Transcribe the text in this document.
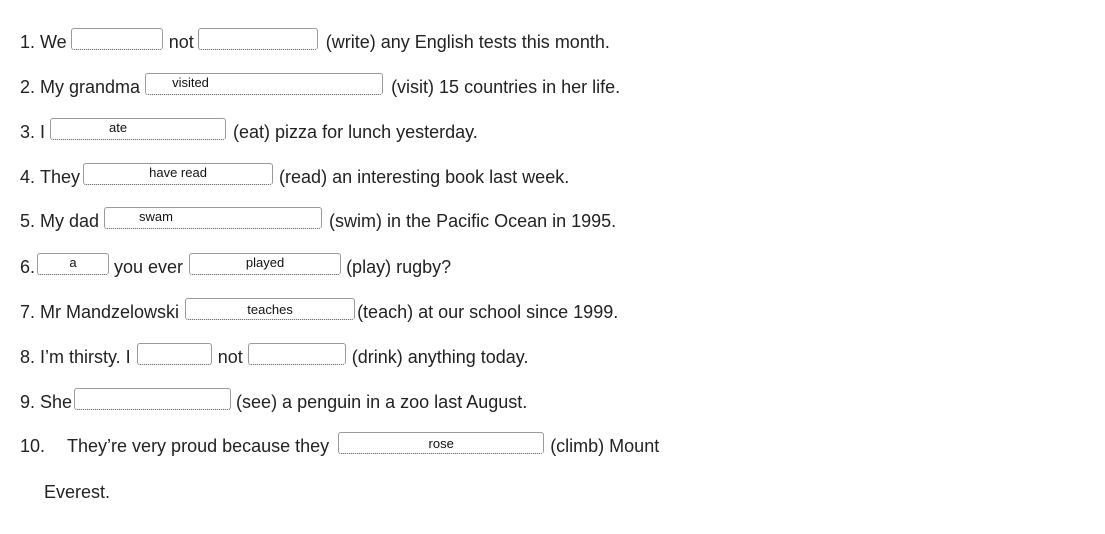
1. We	not	(write) any English tests this month.
2. My grandma	visited	(visit) 15 countries in her life.
3. I	ate	(eat) pizza for lunch yesterday.
4. They	have read	(read) an interesting book last week.
5. My dad	swam	(swim) in the Pacific Ocean in 1995.
6.	a	you ever	played	(play) rugby?
7. Mr Mandzelowski	teaches	(teach) at our school since 1999.
8. I’m thirsty. I	not	(drink) anything today.
9. She	(see) a penguin in a zoo last August.
10. They’re very proud because they	rose	(climb) Mount
Everest.
